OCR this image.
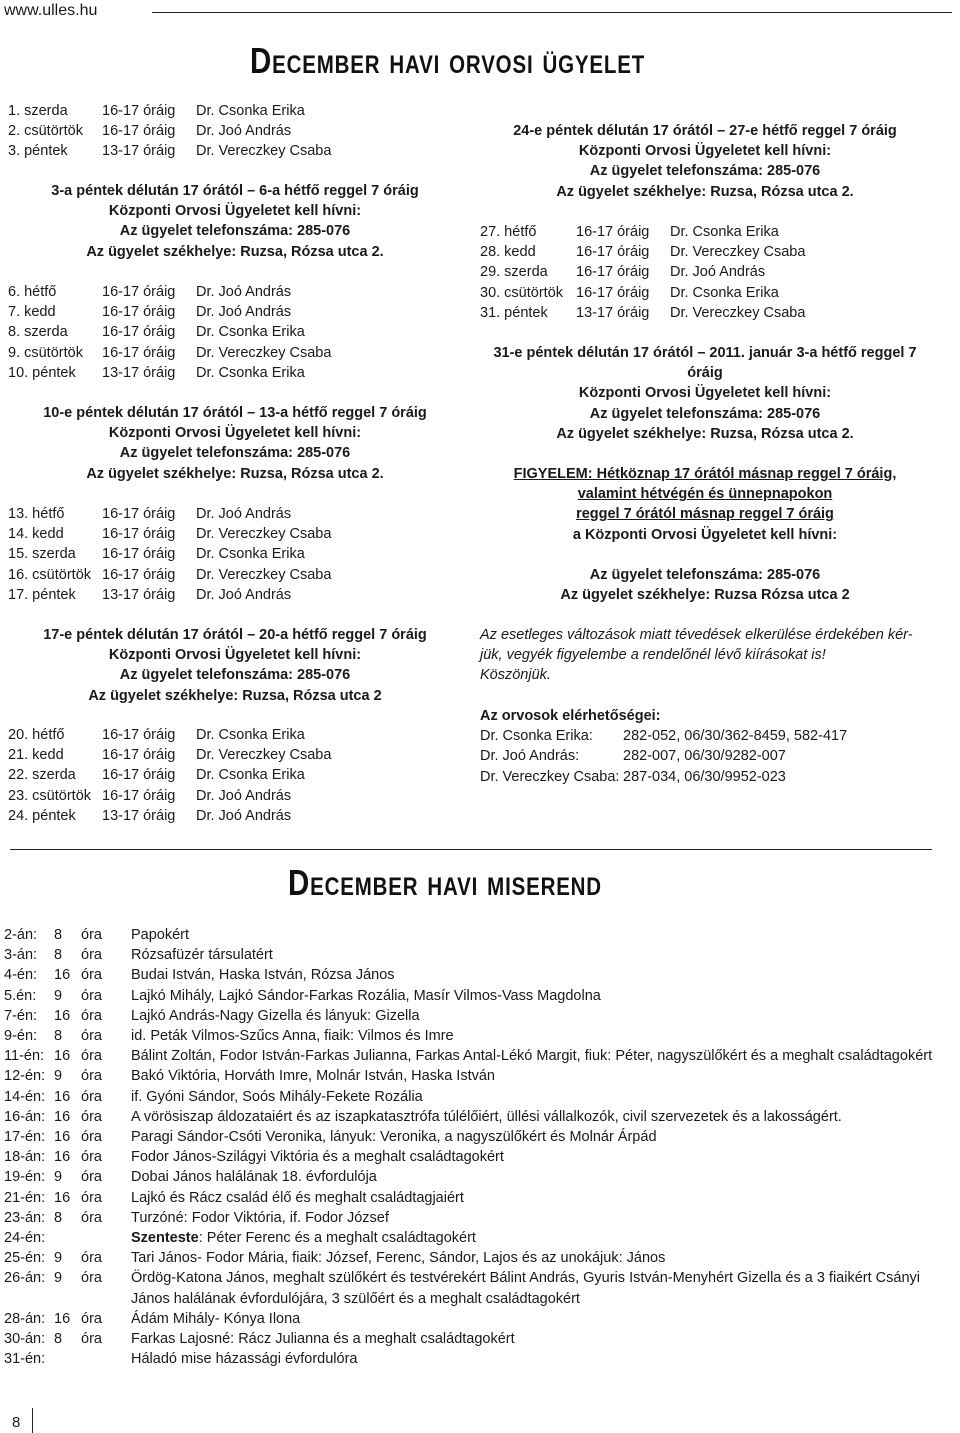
www.ulles.hu
December havi orvosi ügyelet
1. szerda 16-17 óráig Dr. Csonka Erika
2. csütörtök 16-17 óráig Dr. Joó András
3. péntek 13-17 óráig Dr. Vereczkey Csaba
3-a péntek délután 17 órától – 6-a hétfő reggel 7 óráig
Központi Orvosi Ügyeletet kell hívni:
Az ügyelet telefonszáma: 285-076
Az ügyelet székhelye: Ruzsa, Rózsa utca 2.
6. hétfő	16-17 óráig Dr. Joó András
7. kedd	16-17 óráig Dr. Joó András
8. szerda 16-17 óráig Dr. Csonka Erika
9. csütörtök 16-17 óráig Dr. Vereczkey Csaba
10. péntek 13-17 óráig Dr. Csonka Erika
10-e péntek délután 17 órától – 13-a hétfő reggel 7 óráig
Központi Orvosi Ügyeletet kell hívni:
Az ügyelet telefonszáma: 285-076
Az ügyelet székhelye: Ruzsa, Rózsa utca 2.
13. hétfő	16-17 óráig Dr. Joó András
14. kedd	16-17 óráig Dr. Vereczkey Csaba
15. szerda 16-17 óráig Dr. Csonka Erika
16. csütörtök 16-17 óráig Dr. Vereczkey Csaba
17. péntek 13-17 óráig Dr. Joó András
17-e péntek délután 17 órától – 20-a hétfő reggel 7 óráig
Központi Orvosi Ügyeletet kell hívni:
Az ügyelet telefonszáma: 285-076
Az ügyelet székhelye: Ruzsa, Rózsa utca 2
20. hétfő	16-17 óráig Dr. Csonka Erika
21. kedd	16-17 óráig Dr. Vereczkey Csaba
22. szerda 16-17 óráig Dr. Csonka Erika
23. csütörtök 16-17 óráig Dr. Joó András
24. péntek 13-17 óráig Dr. Joó András
24-e péntek délután 17 órától – 27-e hétfő reggel 7 óráig
Központi Orvosi Ügyeletet kell hívni:
Az ügyelet telefonszáma: 285-076
Az ügyelet székhelye: Ruzsa, Rózsa utca 2.
27. hétfő	16-17 óráig Dr. Csonka Erika
28. kedd	16-17 óráig Dr. Vereczkey Csaba
29. szerda 16-17 óráig Dr. Joó András
30. csütörtök 16-17 óráig Dr. Csonka Erika
31. péntek 13-17 óráig Dr. Vereczkey Csaba
31-e péntek délután 17 órától – 2011. január 3-a hétfő reggel 7
óráig
Központi Orvosi Ügyeletet kell hívni:
Az ügyelet telefonszáma: 285-076
Az ügyelet székhelye: Ruzsa, Rózsa utca 2.
FIGYELEM: Hétköznap 17 órától másnap reggel 7 óráig,
valamint hétvégén és ünnepnapokon
reggel 7 órától másnap reggel 7 óráig
a Központi Orvosi Ügyeletet kell hívni:
Az ügyelet telefonszáma: 285-076
Az ügyelet székhelye: Ruzsa Rózsa utca 2
Az esetleges változások miatt tévedések elkerülése érdekében kér-
jük, vegyék figyelembe a rendelőnél lévő kiírásokat is!
Köszönjük.
Az orvosok elérhetőségei:
Dr. Csonka Erika: 282-052, 06/30/362-8459, 582-417
Dr. Joó András:	282-007, 06/30/9282-007
Dr. Vereczkey Csaba: 287-034, 06/30/9952-023
December havi miserend
2-án: 8 óra Papokért
3-án: 8 óra Rózsafüzér társulatért
4-én: 16 óra Budai István, Haska István, Rózsa János
5.én: 9 óra Lajkó Mihály, Lajkó Sándor-Farkas Rozália, Masír Vilmos-Vass Magdolna
7-én: 16 óra Lajkó András-Nagy Gizella és lányuk: Gizella
9-én: 8 óra id. Peták Vilmos-Szűcs Anna, fiaik: Vilmos és Imre
11-én: 16 óra Bálint Zoltán, Fodor István-Farkas Julianna, Farkas Antal-Lékó Margit, fiuk: Péter, nagyszülőkért és a meghalt családtagokért
12-én: 9 óra Bakó Viktória, Horváth Imre, Molnár István, Haska István
14-én: 16 óra if. Gyóni Sándor, Soós Mihály-Fekete Rozália
16-án: 16 óra A vörösiszap áldozataiért és az iszapkatasztrófa túlélőiért, üllési vállalkozók, civil szervezetek és a lakosságért.
17-én: 16 óra Paragi Sándor-Csóti Veronika, lányuk: Veronika, a nagyszülőkért és Molnár Árpád
18-án: 16 óra Fodor János-Szilágyi Viktória és a meghalt családtagokért
19-én: 9 óra Dobai János halálának 18. évfordulója
21-én: 16 óra Lajkó és Rácz család élő és meghalt családtagjaiért
23-án: 8 óra Turzóné: Fodor Viktória, if. Fodor József
24-én:	Szenteste: Péter Ferenc és a meghalt családtagokért
25-én: 9 óra Tari János- Fodor Mária, fiaik: József, Ferenc, Sándor, Lajos és az unokájuk: János
26-án: 9 óra Ördög-Katona János, meghalt szülőkért és testvérekért Bálint András, Gyuris István-Menyhért Gizella és a 3 fiaikért Csányi János halálának évfordulójára, 3 szülőért és a meghalt családtagokért
28-án: 16 óra Ádám Mihály- Kónya Ilona
30-án: 8 óra Farkas Lajosné: Rácz Julianna és a meghalt családtagokért
31-én:	Háladó mise házassági évfordulóra
8
